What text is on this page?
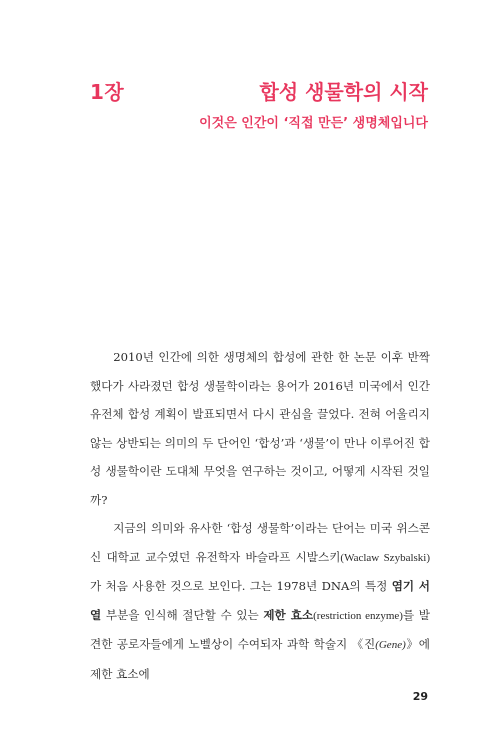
1장	합성 생물학의 시작
이것은 인간이 ‘직접 만든’ 생명체입니다

2010년 인간에 의한 생명체의 합성에 관한 한 논문 이후 반짝 했다가 사라졌던 합성 생물학이라는 용어가 2016년 미국에서 인간 유전체 합성 계획이 발표되면서 다시 관심을 끌었다. 전혀 어울리지 않는 상반되는 의미의 두 단어인 ‘합성’과 ‘생물’이 만나 이루어진 합성 생물학이란 도대체 무엇을 연구하는 것이고, 어떻게 시작된 것일까?

지금의 의미와 유사한 ‘합성 생물학’이라는 단어는 미국 위스콘신 대학교 교수였던 유전학자 바슬라프 시발스키(Waclaw Szybalski)가 처음 사용한 것으로 보인다. 그는 1978년 DNA의 특정 염기 서열 부분을 인식해 절단할 수 있는 제한 효소(restriction enzyme)를 발견한 공로자들에게 노벨상이 수여되자 과학 학술지 《진(Gene)》에 제한 효소에

29
